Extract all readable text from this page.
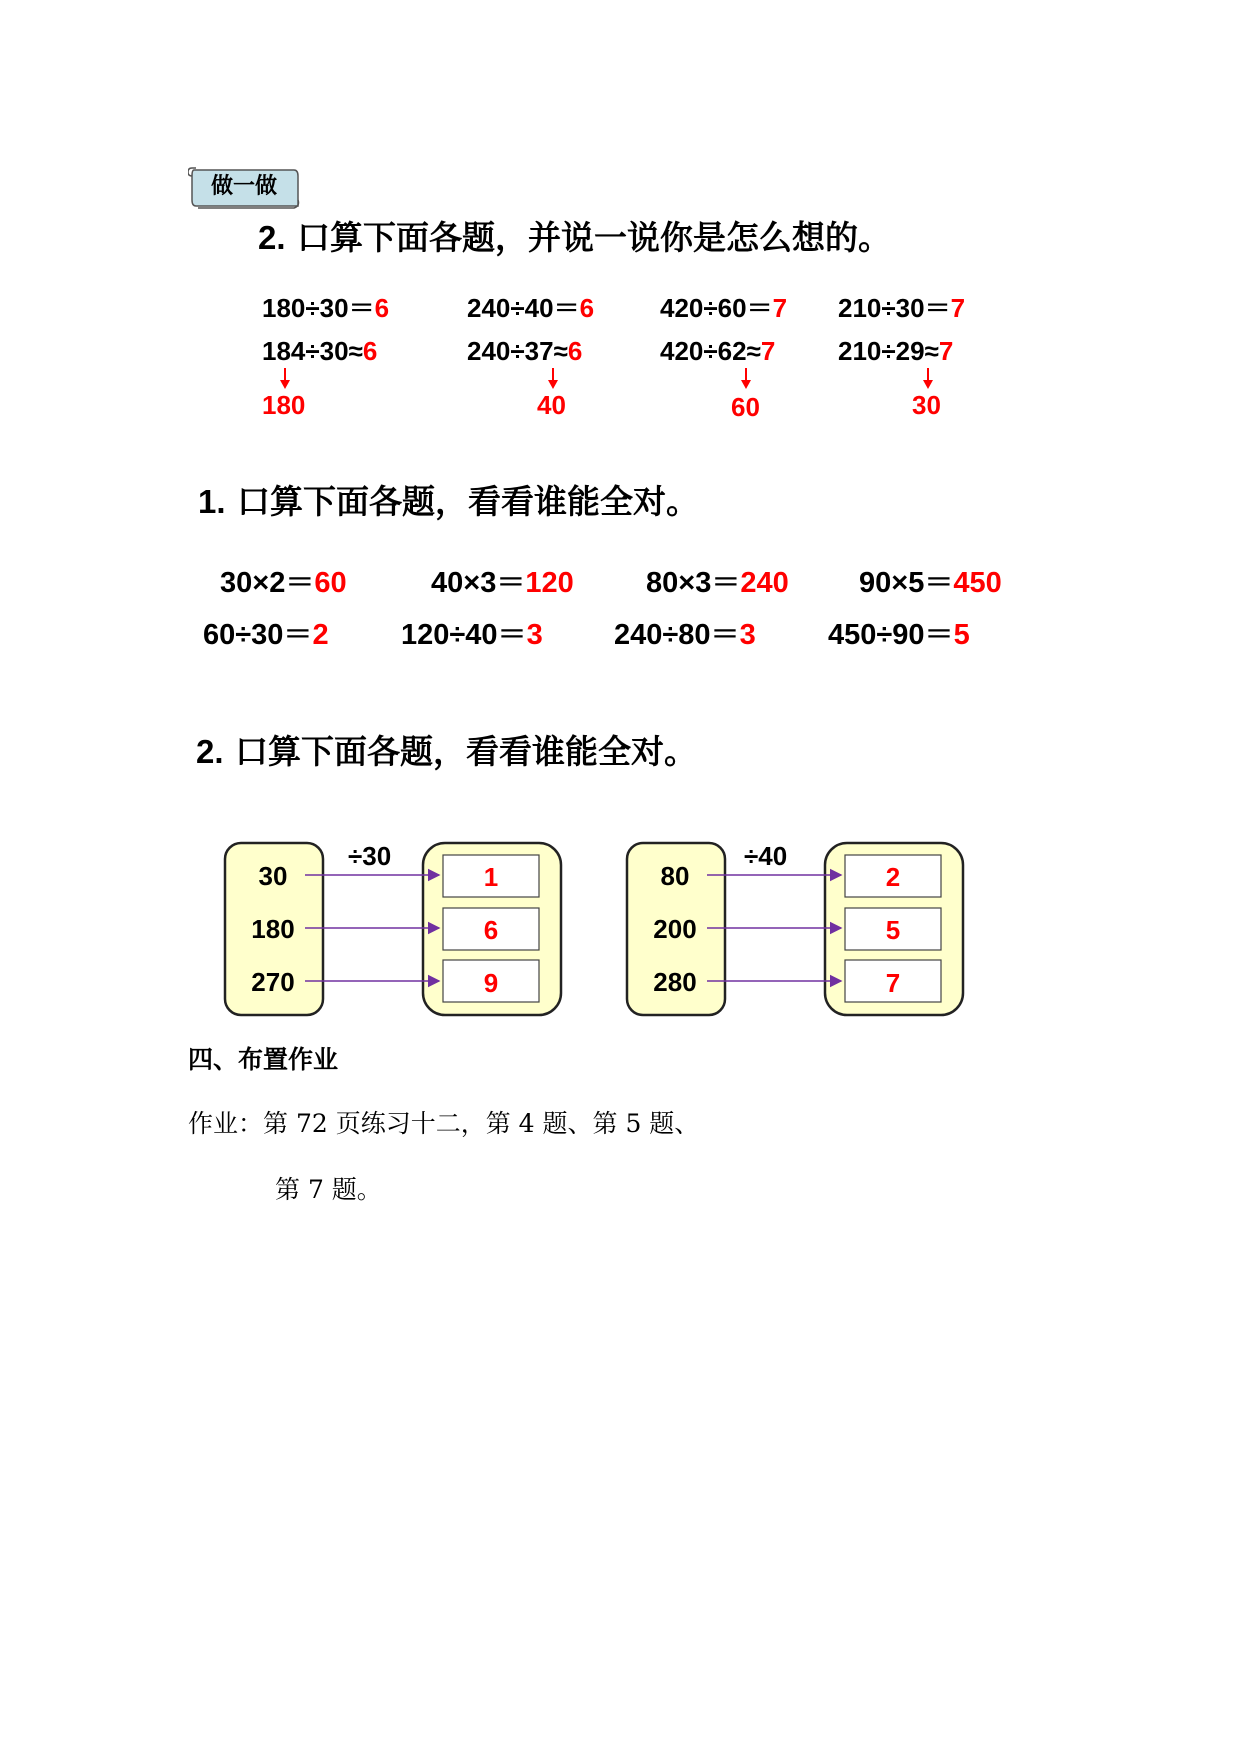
做一做
2. 口算下面各题，并说一说你是怎么想的。
180÷30＝6	240÷40＝6	420÷60＝7 210÷30＝7
184÷30≈6	240÷37≈6	420÷62≈7 210÷29≈7
180	40	60	30
1. 口算下面各题，看看谁能全对。
30×2＝60	40×3＝120 80×3＝240 90×5＝450
60÷30＝2 120÷40＝3 240÷80＝3 450÷90＝5
2. 口算下面各题，看看谁能全对。
÷30
30
180
270
1
6
9
÷40
80
200
280
2
5
7
四、布置作业
作业：第 72 页练习十二，第 4 题、第 5 题、
第 7 题。
